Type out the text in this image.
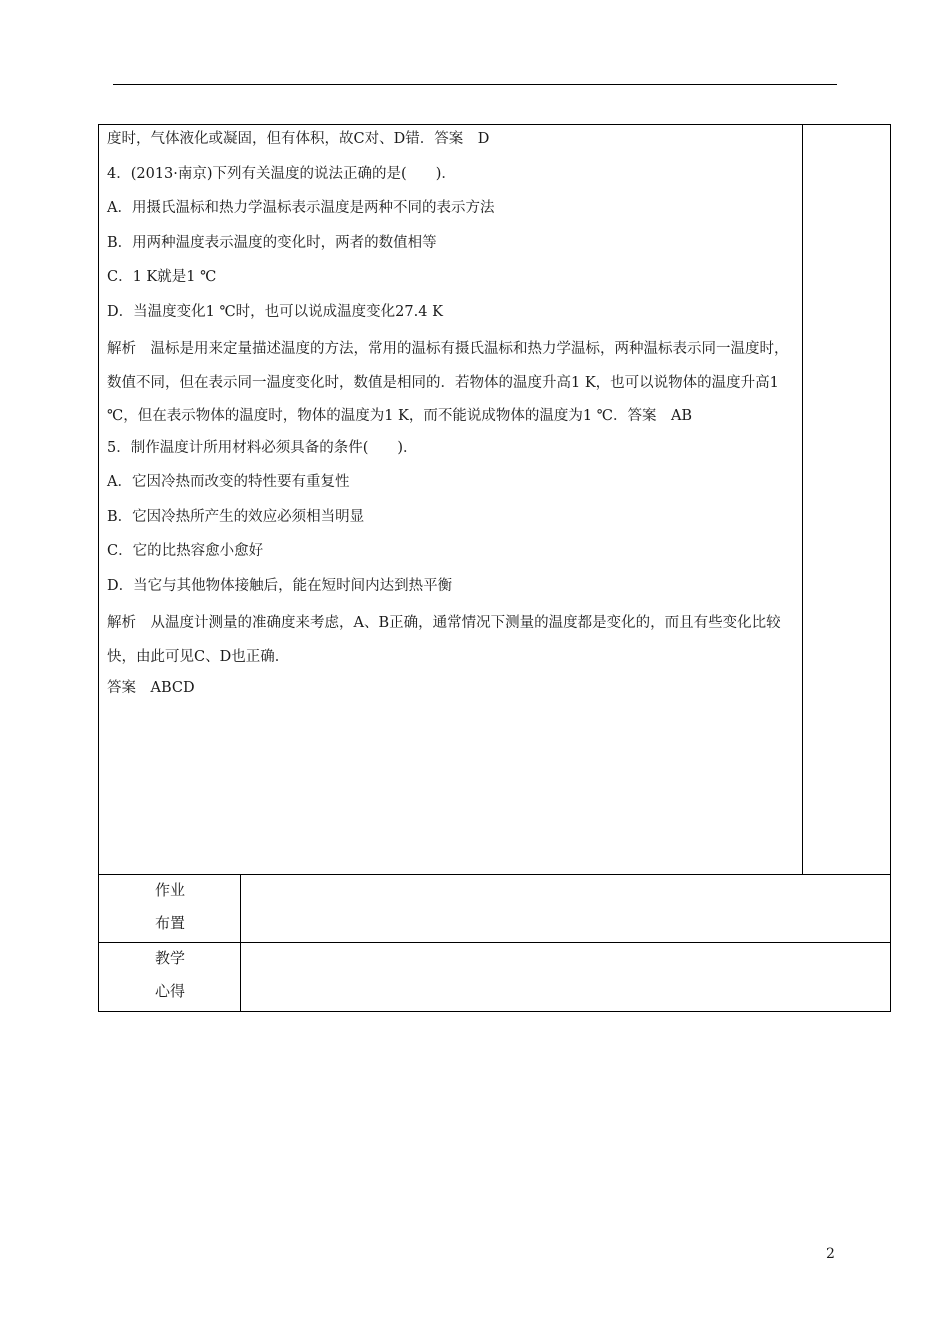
度时，气体液化或凝固，但有体积，故C对、D错．答案　D
4．(2013·南京)下列有关温度的说法正确的是(　　)．
A．用摄氏温标和热力学温标表示温度是两种不同的表示方法
B．用两种温度表示温度的变化时，两者的数值相等
C．1 K就是1 ℃
D．当温度变化1 ℃时，也可以说成温度变化27.4 K
解析　温标是用来定量描述温度的方法，常用的温标有摄氏温标和热力学温标，两种温标表示同一温度时，数值不同，但在表示同一温度变化时，数值是相同的．若物体的温度升高1 K，也可以说物体的温度升高1 ℃，但在表示物体的温度时，物体的温度为1 K，而不能说成物体的温度为1 ℃．答案　AB
5．制作温度计所用材料必须具备的条件(　　)．
A．它因冷热而改变的特性要有重复性
B．它因冷热所产生的效应必须相当明显
C．它的比热容愈小愈好
D．当它与其他物体接触后，能在短时间内达到热平衡
解析　从温度计测量的准确度来考虑，A、B正确，通常情况下测量的温度都是变化的，而且有些变化比较快，由此可见C、D也正确．
答案　ABCD
作业
布置
教学
心得
2
